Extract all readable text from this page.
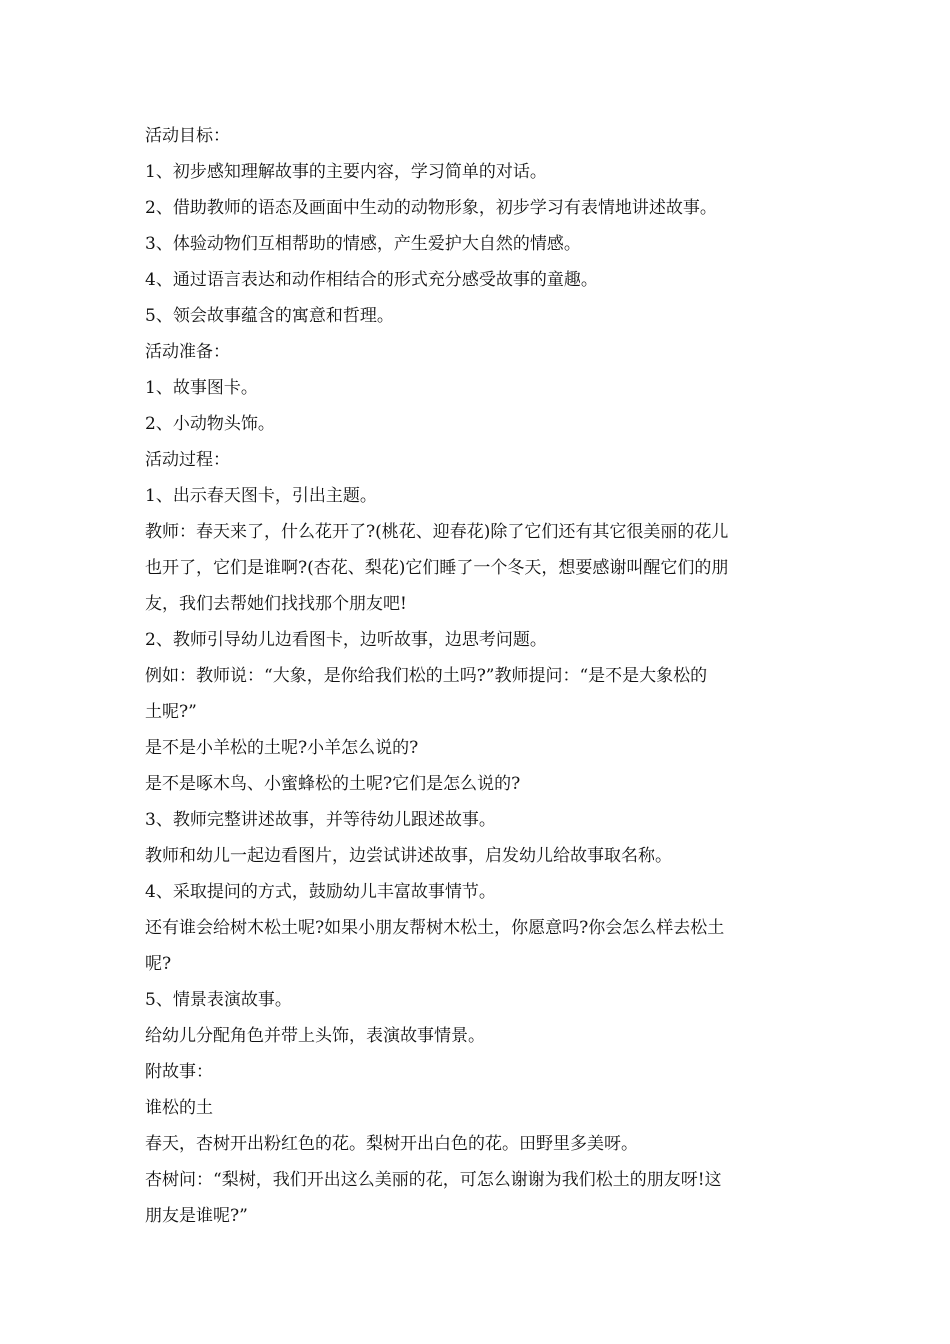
活动目标：
1、初步感知理解故事的主要内容，学习简单的对话。
2、借助教师的语态及画面中生动的动物形象，初步学习有表情地讲述故事。
3、体验动物们互相帮助的情感，产生爱护大自然的情感。
4、通过语言表达和动作相结合的形式充分感受故事的童趣。
5、领会故事蕴含的寓意和哲理。
活动准备：
1、故事图卡。
2、小动物头饰。
活动过程：
1、出示春天图卡，引出主题。
教师：春天来了，什么花开了?(桃花、迎春花)除了它们还有其它很美丽的花儿
也开了，它们是谁啊?(杏花、梨花)它们睡了一个冬天，想要感谢叫醒它们的朋
友，我们去帮她们找找那个朋友吧!
2、教师引导幼儿边看图卡，边听故事，边思考问题。
例如：教师说：“大象，是你给我们松的土吗?”教师提问：“是不是大象松的
土呢?”
是不是小羊松的土呢?小羊怎么说的?
是不是啄木鸟、小蜜蜂松的土呢?它们是怎么说的?
3、教师完整讲述故事，并等待幼儿跟述故事。
教师和幼儿一起边看图片，边尝试讲述故事，启发幼儿给故事取名称。
4、采取提问的方式，鼓励幼儿丰富故事情节。
还有谁会给树木松土呢?如果小朋友帮树木松土，你愿意吗?你会怎么样去松土
呢?
5、情景表演故事。
给幼儿分配角色并带上头饰，表演故事情景。
附故事：
谁松的土
春天，杏树开出粉红色的花。梨树开出白色的花。田野里多美呀。
杏树问：“梨树，我们开出这么美丽的花，可怎么谢谢为我们松土的朋友呀!这
朋友是谁呢?”
